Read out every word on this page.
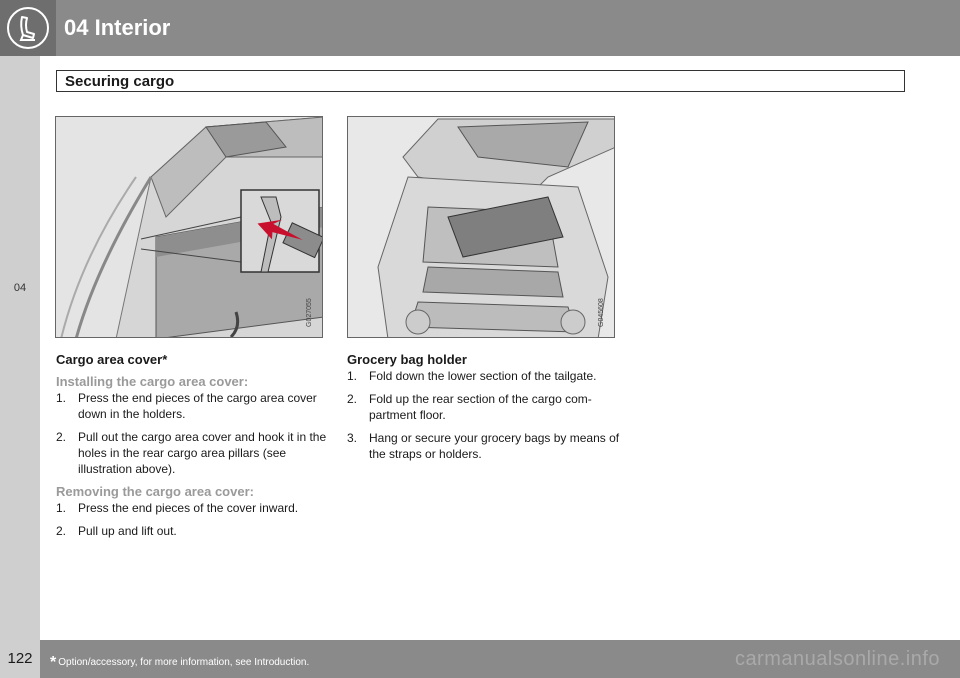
04 Interior
Securing cargo
04
G027055	G045608
Cargo area cover*
Installing the cargo area cover:
1. Press the end pieces of the cargo area cover down in the holders.
2. Pull out the cargo area cover and hook it in the holes in the rear cargo area pillars (see illustration above).
Removing the cargo area cover:
1. Press the end pieces of the cover inward.
2. Pull up and lift out.
Grocery bag holder
1. Fold down the lower section of the tailgate.
2. Fold up the rear section of the cargo com-partment floor.
3. Hang or secure your grocery bags by means of the straps or holders.
122	* Option/accessory, for more information, see Introduction.	carmanualsonline.info
